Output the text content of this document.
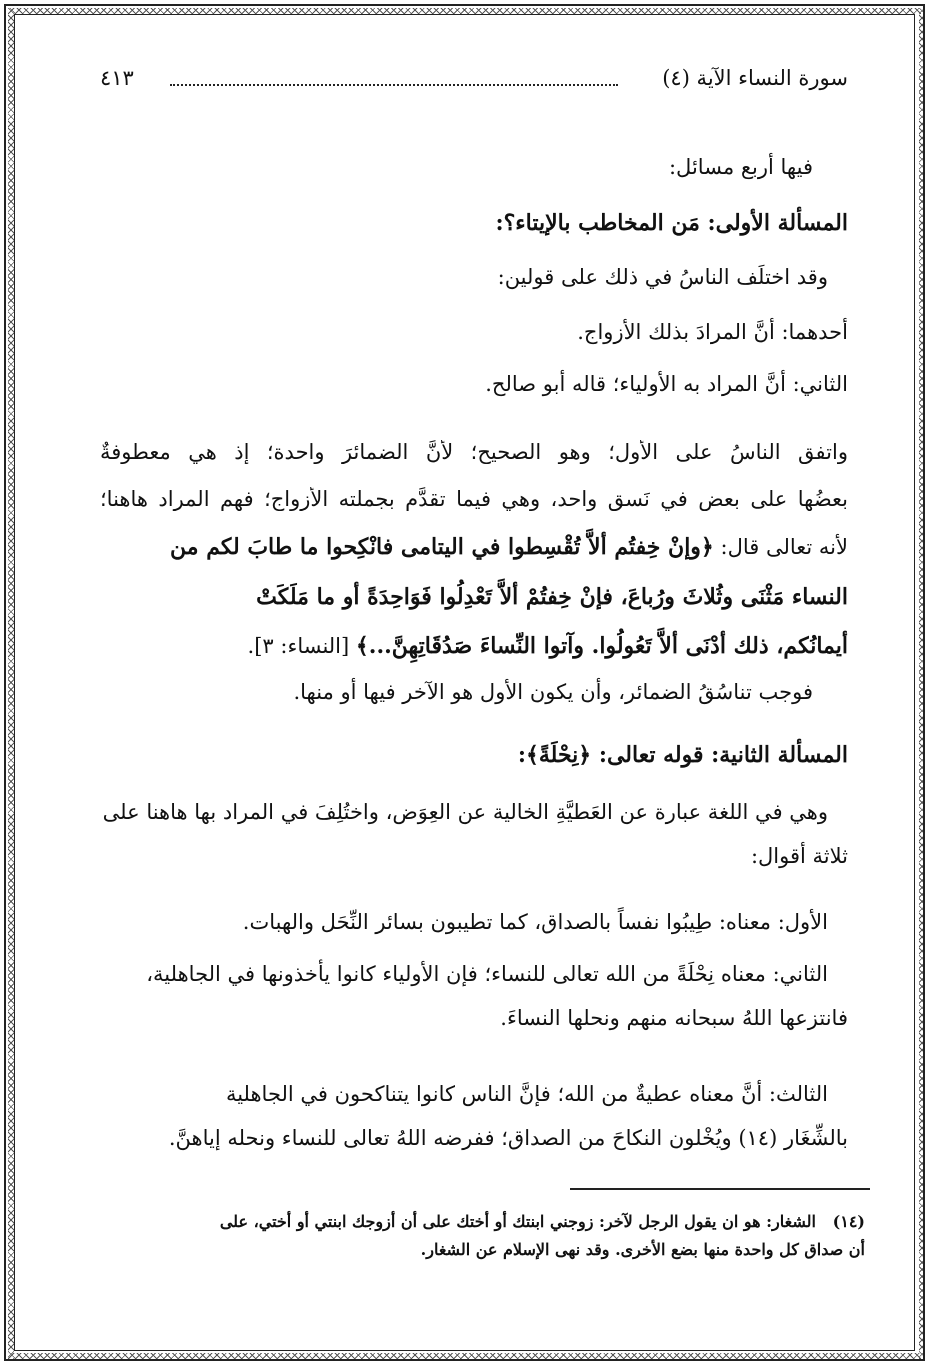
سورة النساء الآية (٤)
٤١٣
فيها أربع مسائل:
المسألة الأولى: مَن المخاطب بالإيتاء؟:
وقد اختلَف الناسُ في ذلك على قولين:
أحدهما: أنَّ المرادَ بذلك الأزواج.
الثاني: أنَّ المراد به الأولياء؛ قاله أبو صالح.
واتفق الناسُ على الأول؛ وهو الصحيح؛ لأنَّ الضمائرَ واحدة؛ إذ هي معطوفةٌ
بعضُها على بعض في نَسقٍ واحد، وهي فيما تقدَّم بجملته الأزواج؛ فهم المراد هاهنا؛
لأنه تعالى قال: ﴿وإنْ خِفتُم ألاَّ تُقْسِطوا في اليتامى فانْكِحوا ما طابَ لكم من
النساء مَثْنَى وثُلاثَ ورُباعَ، فإنْ خِفتُمْ ألاَّ تَعْدِلُوا فَوَاحِدَةً أو ما مَلَكَتْ
أيمانُكم، ذلك أدْنَى ألاَّ تَعُولُوا. وآتوا النِّساءَ صَدُقَاتِهِنَّ...﴾ [النساء: ٣].
فوجب تناسُقُ الضمائر، وأن يكون الأول هو الآخر فيها أو منها.
المسألة الثانية: قوله تعالى: ﴿نِحْلَةً﴾:
وهي في اللغة عبارة عن العَطيَّةِ الخالية عن العِوَض، واختُلِفَ في المراد بها هاهنا على
ثلاثة أقوال:
الأول: معناه: طِيبُوا نفساً بالصداق، كما تطيبون بسائر النِّحَل والهبات.
الثاني: معناه نِحْلَةً من الله تعالى للنساء؛ فإن الأولياء كانوا يأخذونها في الجاهلية،
فانتزعها اللهُ سبحانه منهم ونحلها النساءَ.
الثالث: أنَّ معناه عطيةٌ من الله؛ فإنَّ الناس كانوا يتناكحون في الجاهلية
بالشِّغَار (١٤) ويُخْلون النكاحَ من الصداق؛ ففرضه اللهُ تعالى للنساء ونحله إياهنَّ.
(١٤)   الشغار: هو ان يقول الرجل لآخر: زوجني ابنتك أو أختك على أن أزوجك ابنتي أو أختي، على
أن صداق كل واحدة منها بضع الأخرى. وقد نهى الإسلام عن الشغار.
